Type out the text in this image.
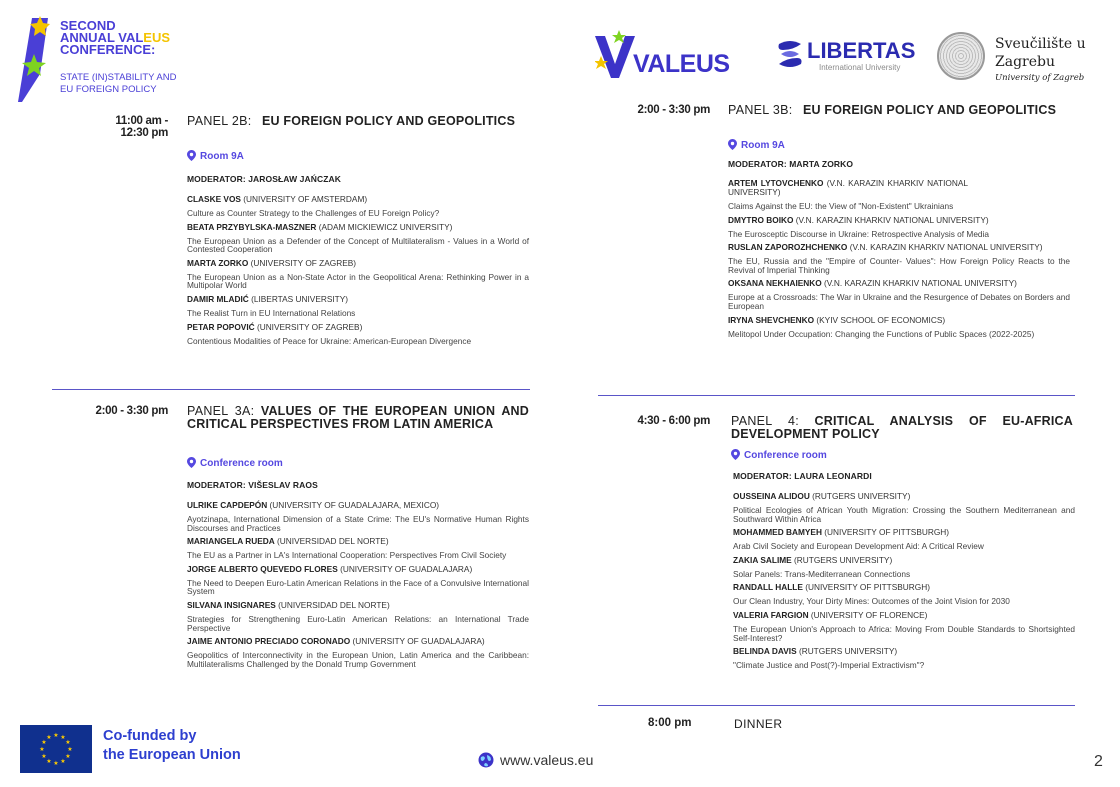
SECOND
ANNUAL VALEUS
CONFERENCE:
STATE (IN)STABILITY AND
EU FOREIGN POLICY
VALEUS	LIBERTAS
International University
Sveučilište u
Zagrebu
University of Zagreb
11:00 am - 12:30 pm
PANEL 2B: EU FOREIGN POLICY AND GEOPOLITICS
Room 9A
MODERATOR: JAROSŁAW JAŃCZAK
CLASKE VOS (UNIVERSITY OF AMSTERDAM)
Culture as Counter Strategy to the Challenges of EU Foreign Policy?
BEATA PRZYBYLSKA-MASZNER (ADAM MICKIEWICZ UNIVERSITY)
The European Union as a Defender of the Concept of Multilateralism - Values in a World of Contested Cooperation
MARTA ZORKO (UNIVERSITY OF ZAGREB)
The European Union as a Non-State Actor in the Geopolitical Arena: Rethinking Power in a Multipolar World
DAMIR MLADIĆ (LIBERTAS UNIVERSITY)
The Realist Turn in EU International Relations
PETAR POPOVIĆ (UNIVERSITY OF ZAGREB)
Contentious Modalities of Peace for Ukraine: American-European Divergence
2:00 - 3:30 pm PANEL 3A: VALUES OF THE EUROPEAN UNION AND CRITICAL PERSPECTIVES FROM LATIN AMERICA
Conference room
MODERATOR: VIŠESLAV RAOS
ULRIKE CAPDEPÓN (UNIVERSITY OF GUADALAJARA, MEXICO)
Ayotzinapa, International Dimension of a State Crime: The EU's Normative Human Rights Discourses and Practices
MARIANGELA RUEDA (UNIVERSIDAD DEL NORTE)
The EU as a Partner in LA's International Cooperation: Perspectives From Civil Society
JORGE ALBERTO QUEVEDO FLORES (UNIVERSITY OF GUADALAJARA)
The Need to Deepen Euro-Latin American Relations in the Face of a Convulsive International System
SILVANA INSIGNARES (UNIVERSIDAD DEL NORTE)
Strategies for Strengthening Euro-Latin American Relations: an International Trade Perspective
JAIME ANTONIO PRECIADO CORONADO (UNIVERSITY OF GUADALAJARA)
Geopolitics of Interconnectivity in the European Union, Latin America and the Caribbean: Multilateralisms Challenged by the Donald Trump Government
2:00 - 3:30 pm PANEL 3B: EU FOREIGN POLICY AND GEOPOLITICS
Room 9A
MODERATOR: MARTA ZORKO
ARTEM LYTOVCHENKO (V.N. KARAZIN KHARKIV NATIONAL UNIVERSITY)
Claims Against the EU: the View of "Non-Existent" Ukrainians
DMYTRO BOIKO (V.N. KARAZIN KHARKIV NATIONAL UNIVERSITY)
The Eurosceptic Discourse in Ukraine: Retrospective Analysis of Media
RUSLAN ZAPOROZHCHENKO (V.N. KARAZIN KHARKIV NATIONAL UNIVERSITY)
The EU, Russia and the "Empire of Counter- Values": How Foreign Policy Reacts to the Revival of Imperial Thinking
OKSANA NEKHAIENKO (V.N. KARAZIN KHARKIV NATIONAL UNIVERSITY)
Europe at a Crossroads: The War in Ukraine and the Resurgence of Debates on Borders and European
IRYNA SHEVCHENKO (KYIV SCHOOL OF ECONOMICS)
Melitopol Under Occupation: Changing the Functions of Public Spaces (2022-2025)
4:30 - 6:00 pm PANEL 4: CRITICAL ANALYSIS OF EU-AFRICA DEVELOPMENT POLICY
Conference room
MODERATOR: LAURA LEONARDI
OUSSEINA ALIDOU (RUTGERS UNIVERSITY)
Political Ecologies of African Youth Migration: Crossing the Southern Mediterranean and Southward Within Africa
MOHAMMED BAMYEH (UNIVERSITY OF PITTSBURGH)
Arab Civil Society and European Development Aid: A Critical Review
ZAKIA SALIME (RUTGERS UNIVERSITY)
Solar Panels: Trans-Mediterranean Connections
RANDALL HALLE (UNIVERSITY OF PITTSBURGH)
Our Clean Industry, Your Dirty Mines: Outcomes of the Joint Vision for 2030
VALERIA FARGION (UNIVERSITY OF FLORENCE)
The European Union's Approach to Africa: Moving From Double Standards to Shortsighted Self-Interest?
BELINDA DAVIS (RUTGERS UNIVERSITY)
"Climate Justice and Post(?)-Imperial Extractivism"?
8:00 pm	DINNER
★ ★
★
★
★
★
★
★
★
★
★
★	Co-funded by
the European Union	www.valeus.eu	2
